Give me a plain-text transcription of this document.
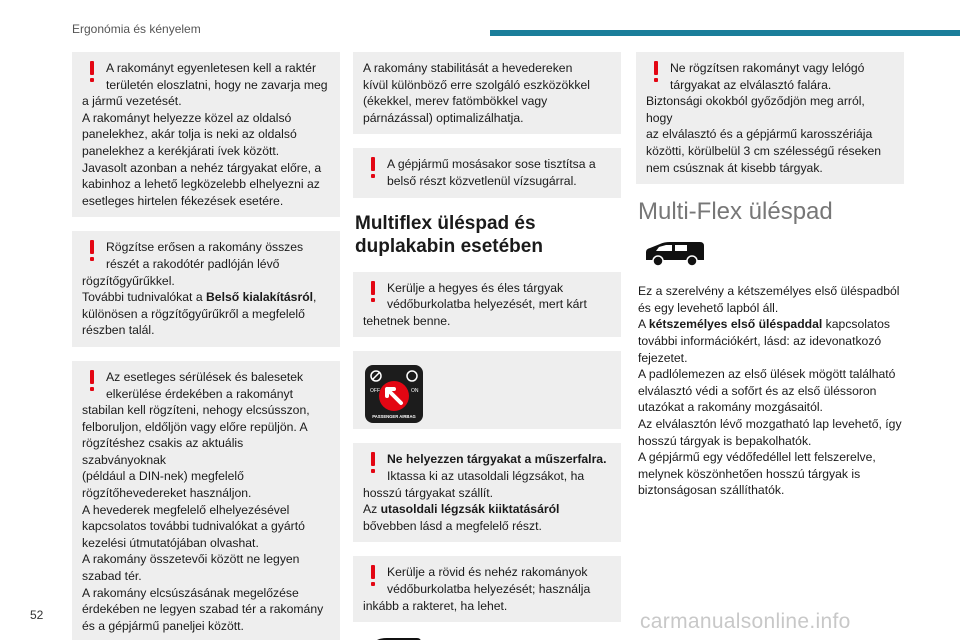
Ergonómia és kényelem
A rakományt egyenletesen kell a raktér
területén eloszlatni, hogy ne zavarja meg
a jármű vezetését.
A rakományt helyezze közel az oldalsó
panelekhez, akár tolja is neki az oldalsó
panelekhez a kerékjárati ívek között.
Javasolt azonban a nehéz tárgyakat előre, a
kabinhoz a lehető legközelebb elhelyezni az
esetleges hirtelen fékezések esetére.
Rögzítse erősen a rakomány összes
részét a rakodótér padlóján lévő
rögzítőgyűrűkkel.
További tudnivalókat a Belső kialakításról,
különösen a rögzítőgyűrűkről a megfelelő
részben talál.
Az esetleges sérülések és balesetek
elkerülése érdekében a rakományt
stabilan kell rögzíteni, nehogy elcsússzon,
felboruljon, eldőljön vagy előre repüljön. A
rögzítéshez csakis az aktuális szabványoknak
(például a DIN-nek) megfelelő
rögzítőhevedereket használjon.
A hevederek megfelelő elhelyezésével
kapcsolatos további tudnivalókat a gyártó
kezelési útmutatójában olvashat.
A rakomány összetevői között ne legyen
szabad tér.
A rakomány elcsúszásának megelőzése
érdekében ne legyen szabad tér a rakomány
és a gépjármű paneljei között.
A rakomány stabilitását a hevedereken
kívül különböző erre szolgáló eszközökkel
(ékekkel, merev fatömbökkel vagy
párnázással) optimalizálhatja.
A gépjármű mosásakor sose tisztítsa a
belső részt közvetlenül vízsugárral.
Multiflex üléspad és
duplakabin esetében
Kerülje a hegyes és éles tárgyak
védőburkolatba helyezését, mert kárt
tehetnek benne.
OFF	ON
PASSENGER AIRBAG
Ne helyezzen tárgyakat a műszerfalra.
Iktassa ki az utasoldali légzsákot, ha
hosszú tárgyakat szállít.
Az utasoldali légzsák kiiktatásáról
bővebben lásd a megfelelő részt.
Kerülje a rövid és nehéz rakományok
védőburkolatba helyezését; használja
inkább a rakteret, ha lehet.
Ne rögzítsen rakományt vagy lelógó
tárgyakat az elválasztó falára.
Biztonsági okokból győződjön meg arról, hogy
az elválasztó és a gépjármű karosszériája
közötti, körülbelül 3 cm szélességű réseken
nem csúsznak át kisebb tárgyak.
Multi-Flex üléspad
Ez a szerelvény a kétszemélyes első üléspadból
és egy levehető lapból áll.
A kétszemélyes első üléspaddal kapcsolatos
további információkért, lásd: az idevonatkozó
fejezetet.
A padlólemezen az első ülések mögött található
elválasztó védi a sofőrt és az első üléssoron
utazókat a rakomány mozgásaitól.
Az elválasztón lévő mozgatható lap levehető, így
hosszú tárgyak is bepakolhatók.
A gépjármű egy védőfedéllel lett felszerelve,
melynek köszönhetően hosszú tárgyak is
biztonságosan szállíthatók.
52	carmanualsonline.info
